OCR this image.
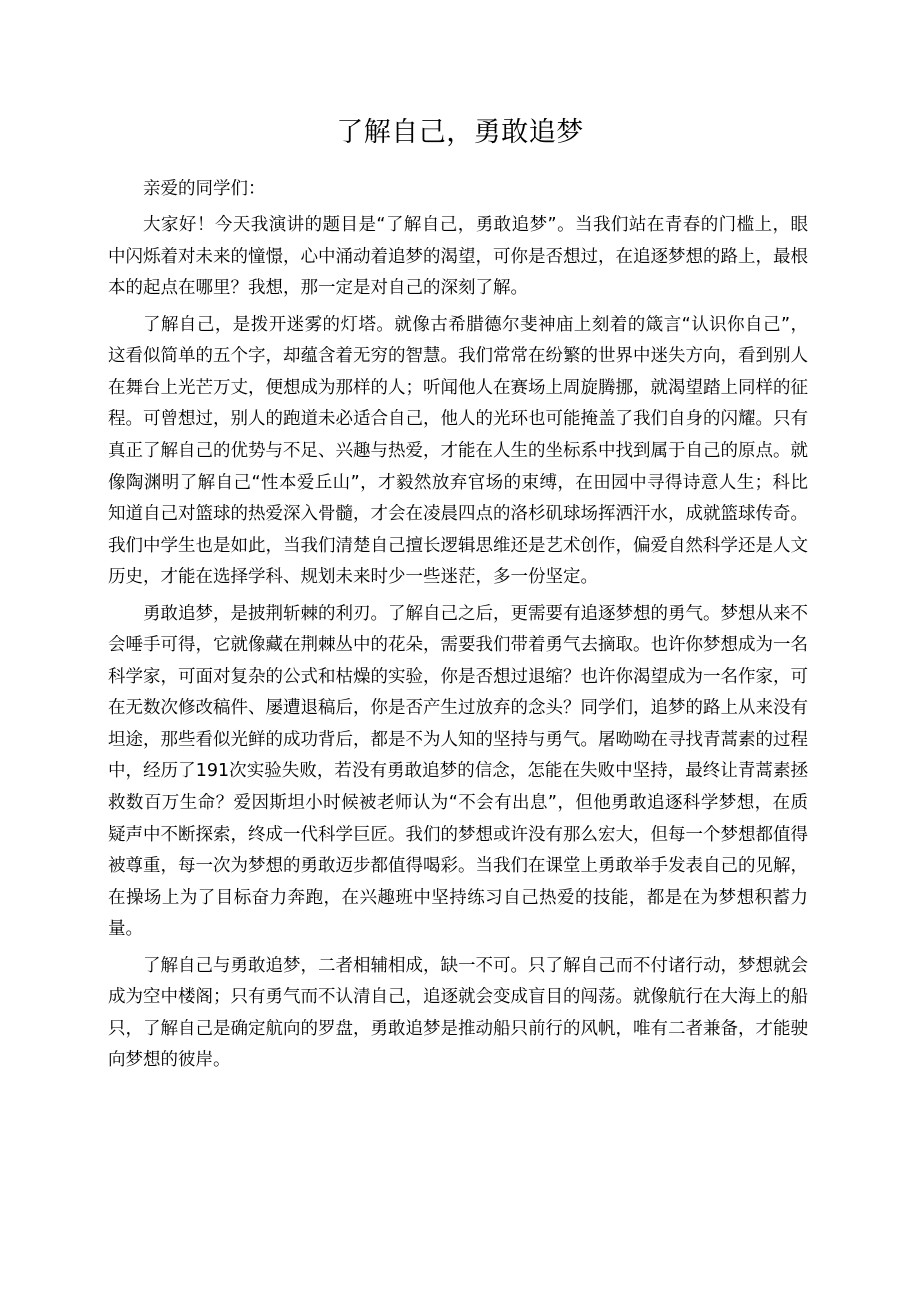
了解自己，勇敢追梦

亲爱的同学们：

大家好！今天我演讲的题目是“了解自己，勇敢追梦”。当我们站在青春的门槛上，眼中闪烁着对未来的憧憬，心中涌动着追梦的渴望，可你是否想过，在追逐梦想的路上，最根本的起点在哪里？我想，那一定是对自己的深刻了解。

了解自己，是拨开迷雾的灯塔。就像古希腊德尔斐神庙上刻着的箴言“认识你自己”，这看似简单的五个字，却蕴含着无穷的智慧。我们常常在纷繁的世界中迷失方向，看到别人在舞台上光芒万丈，便想成为那样的人；听闻他人在赛场上周旋腾挪，就渴望踏上同样的征程。可曾想过，别人的跑道未必适合自己，他人的光环也可能掩盖了我们自身的闪耀。只有真正了解自己的优势与不足、兴趣与热爱，才能在人生的坐标系中找到属于自己的原点。就像陶渊明了解自己“性本爱丘山”，才毅然放弃官场的束缚，在田园中寻得诗意人生；科比知道自己对篮球的热爱深入骨髓，才会在凌晨四点的洛杉矶球场挥洒汗水，成就篮球传奇。我们中学生也是如此，当我们清楚自己擅长逻辑思维还是艺术创作，偏爱自然科学还是人文历史，才能在选择学科、规划未来时少一些迷茫，多一份坚定。

勇敢追梦，是披荆斩棘的利刃。了解自己之后，更需要有追逐梦想的勇气。梦想从来不会唾手可得，它就像藏在荆棘丛中的花朵，需要我们带着勇气去摘取。也许你梦想成为一名科学家，可面对复杂的公式和枯燥的实验，你是否想过退缩？也许你渴望成为一名作家，可在无数次修改稿件、屡遭退稿后，你是否产生过放弃的念头？同学们，追梦的路上从来没有坦途，那些看似光鲜的成功背后，都是不为人知的坚持与勇气。屠呦呦在寻找青蒿素的过程中，经历了191次实验失败，若没有勇敢追梦的信念，怎能在失败中坚持，最终让青蒿素拯救数百万生命？爱因斯坦小时候被老师认为“不会有出息”，但他勇敢追逐科学梦想，在质疑声中不断探索，终成一代科学巨匠。我们的梦想或许没有那么宏大，但每一个梦想都值得被尊重，每一次为梦想的勇敢迈步都值得喝彩。当我们在课堂上勇敢举手发表自己的见解，在操场上为了目标奋力奔跑，在兴趣班中坚持练习自己热爱的技能，都是在为梦想积蓄力量。

了解自己与勇敢追梦，二者相辅相成，缺一不可。只了解自己而不付诸行动，梦想就会成为空中楼阁；只有勇气而不认清自己，追逐就会变成盲目的闯荡。就像航行在大海上的船只，了解自己是确定航向的罗盘，勇敢追梦是推动船只前行的风帆，唯有二者兼备，才能驶向梦想的彼岸。
